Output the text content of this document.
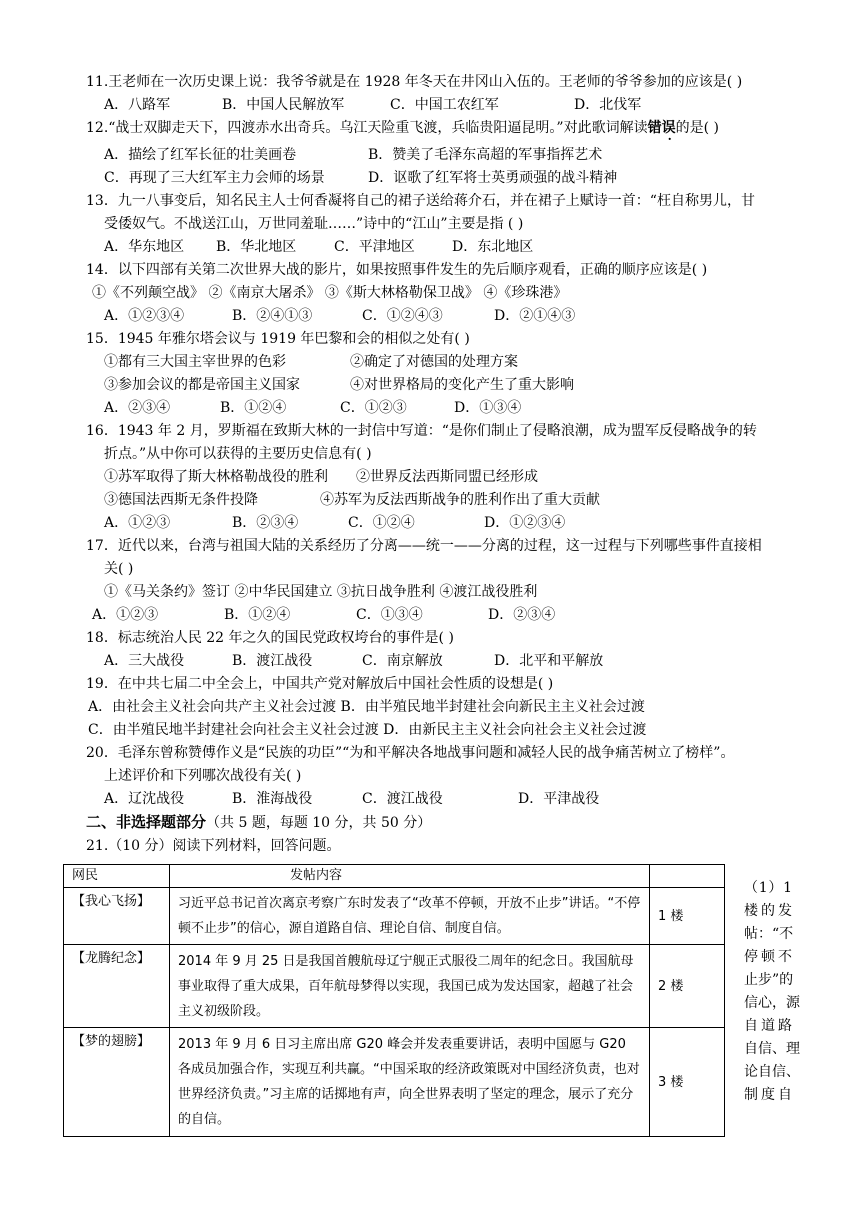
11.王老师在一次历史课上说：我爷爷就是在 1928 年冬天在井冈山入伍的。王老师的爷爷参加的应该是( )
A．八路军	B．中国人民解放军	C．中国工农红军	D．北伐军
12.“战士双脚走天下，四渡赤水出奇兵。乌江天险重飞渡，兵临贵阳逼昆明。”对此歌词解读错误的是( )
A．描绘了红军长征的壮美画卷	B．赞美了毛泽东高超的军事指挥艺术
C．再现了三大红军主力会师的场景	D．讴歌了红军将士英勇顽强的战斗精神
13．九一八事变后，知名民主人士何香凝将自己的裙子送给蒋介石，并在裙子上赋诗一首：“枉自称男儿，甘
受倭奴气。不战送江山，万世同羞耻……”诗中的“江山”主要是指 ( )
A．华东地区 B．华北地区	C．平津地区	D．东北地区
14．以下四部有关第二次世界大战的影片，如果按照事件发生的先后顺序观看，正确的顺序应该是( )
①《不列颠空战》 ②《南京大屠杀》 ③《斯大林格勒保卫战》 ④《珍珠港》
A．①②③④	B．②④①③	C．①②④③	D．②①④③
15．1945 年雅尔塔会议与 1919 年巴黎和会的相似之处有( )
①都有三大国主宰世界的色彩	②确定了对德国的处理方案
③参加会议的都是帝国主义国家	④对世界格局的变化产生了重大影响
A．②③④	B．①②④	C．①②③	D．①③④
16．1943 年 2 月，罗斯福在致斯大林的一封信中写道：“是你们制止了侵略浪潮，成为盟军反侵略战争的转
折点。”从中你可以获得的主要历史信息有( )
①苏军取得了斯大林格勒战役的胜利 ②世界反法西斯同盟已经形成
③德国法西斯无条件投降	④苏军为反法西斯战争的胜利作出了重大贡献
A．①②③	B．②③④	C．①②④	D．①②③④
17．近代以来，台湾与祖国大陆的关系经历了分离——统一——分离的过程，这一过程与下列哪些事件直接相
关( )
①《马关条约》签订 ②中华民国建立 ③抗日战争胜利 ④渡江战役胜利
A．①②③	B．①②④	C．①③④	D．②③④
18．标志统治人民 22 年之久的国民党政权垮台的事件是( )
A．三大战役	B．渡江战役	C．南京解放	D．北平和平解放
19．在中共七届二中全会上，中国共产党对解放后中国社会性质的设想是( )
A．由社会主义社会向共产主义社会过渡 B．由半殖民地半封建社会向新民主主义社会过渡
C．由半殖民地半封建社会向社会主义社会过渡 D．由新民主主义社会向社会主义社会过渡
20．毛泽东曾称赞傅作义是“民族的功臣”“为和平解决各地战事问题和减轻人民的战争痛苦树立了榜样”。
上述评价和下列哪次战役有关( )
A．辽沈战役	B．淮海战役	C．渡江战役	D．平津战役
二、非选择题部分（共 5 题，每题 10 分，共 50 分）
21.（10 分）阅读下列材料，回答问题。
网民	发帖内容	
【我心飞扬】	习近平总书记首次离京考察广东时发表了“改革不停顿，开放不止步”讲话。“不停顿不止步”的信心，源自道路自信、理论自信、制度自信。	1 楼
【龙腾纪念】	2014 年 9 月 25 日是我国首艘航母辽宁舰正式服役二周年的纪念日。我国航母事业取得了重大成果，百年航母梦得以实现，我国已成为发达国家，超越了社会主义初级阶段。	2 楼
【梦的翅膀】	2013 年 9 月 6 日习主席出席 G20 峰会并发表重要讲话，表明中国愿与 G20 各成员加强合作，实现互利共赢。“中国采取的经济政策既对中国经济负责，也对世界经济负责。”习主席的话掷地有声，向全世界表明了坚定的理念，展示了充分的自信。	3 楼
（1）1
楼的发
帖：“不
停顿不
止步”的
信心，源
自道路
自信、理
论自信、
制度自
